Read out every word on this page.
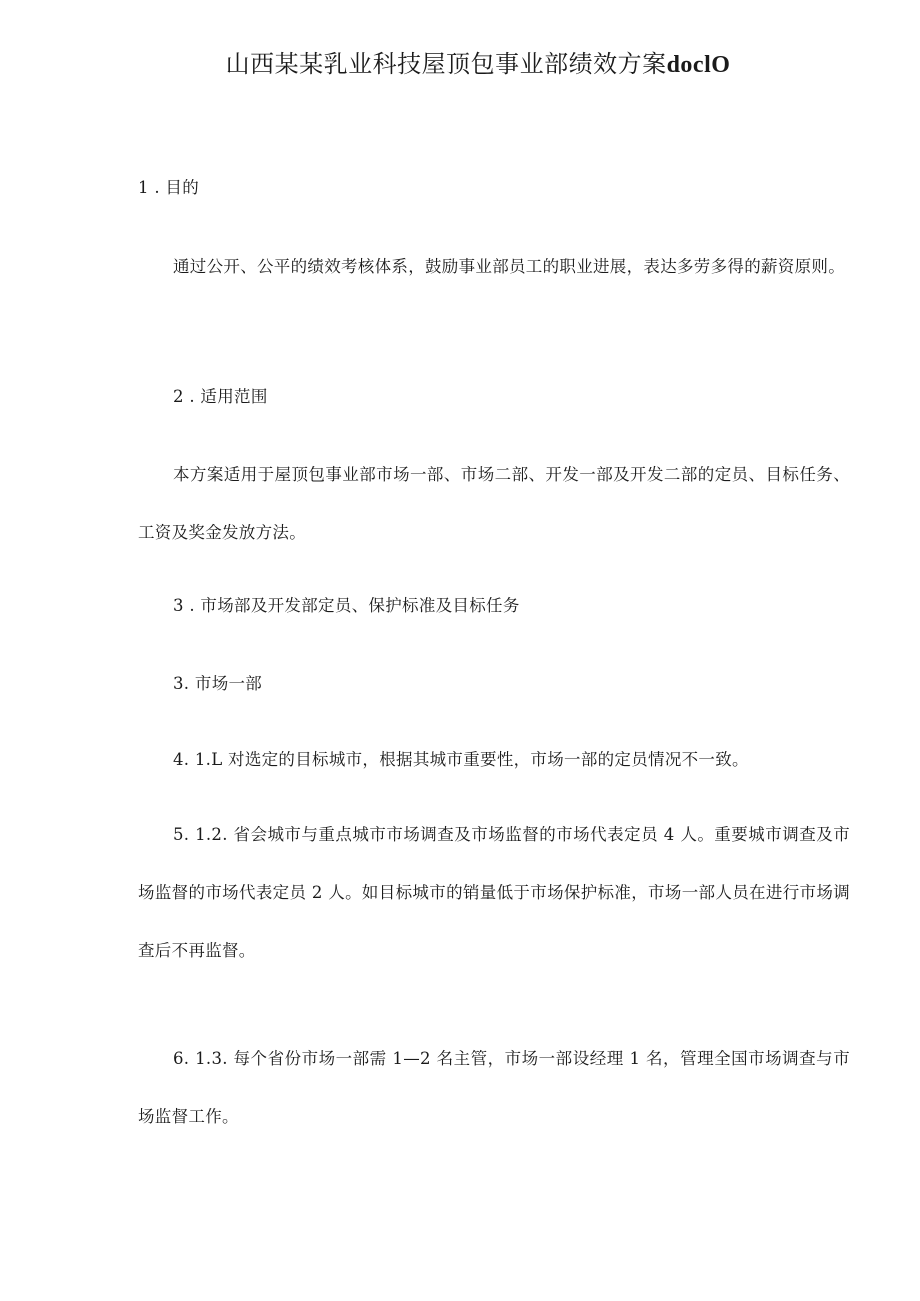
山西某某乳业科技屋顶包事业部绩效方案doclO

1 . 目的

通过公开、公平的绩效考核体系，鼓励事业部员工的职业进展，表达多劳多得的薪资原则。

2 . 适用范围

本方案适用于屋顶包事业部市场一部、市场二部、开发一部及开发二部的定员、目标任务、工资及奖金发放方法。

3 . 市场部及开发部定员、保护标准及目标任务

3. 市场一部

4. 1.L 对选定的目标城市，根据其城市重要性，市场一部的定员情况不一致。

5. 1.2. 省会城市与重点城市市场调查及市场监督的市场代表定员 4 人。重要城市调查及市场监督的市场代表定员 2 人。如目标城市的销量低于市场保护标准，市场一部人员在进行市场调查后不再监督。

6. 1.3. 每个省份市场一部需 1—2 名主管，市场一部设经理 1 名，管理全国市场调查与市场监督工作。
